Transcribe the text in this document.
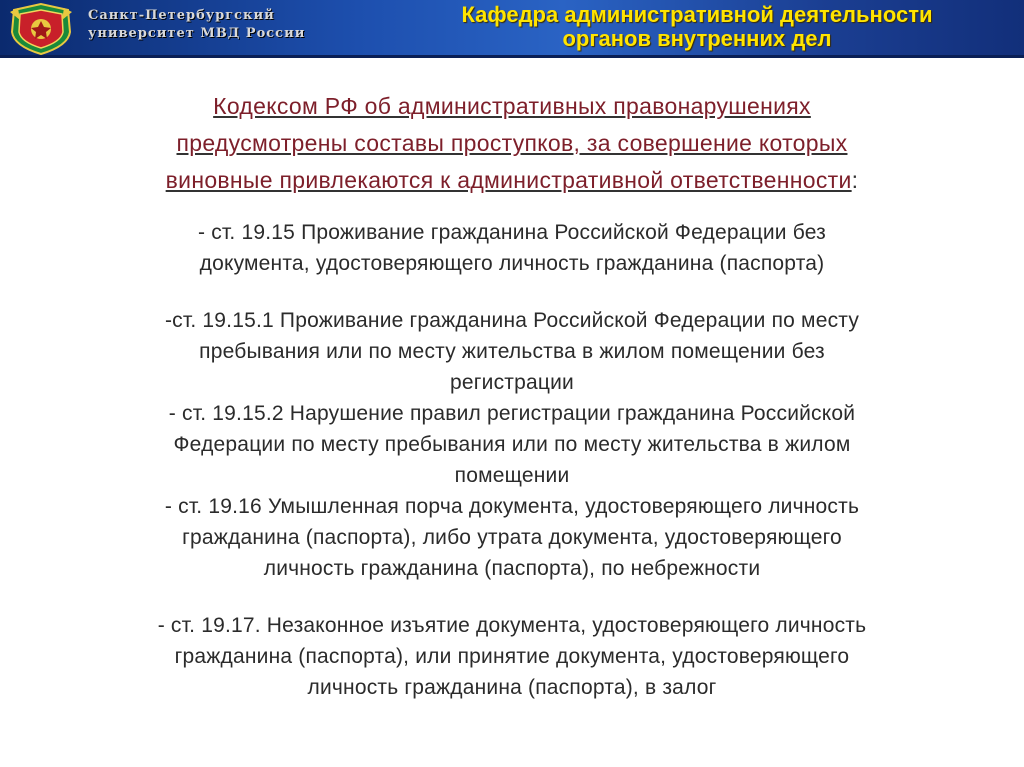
Санкт-Петербургский
университет МВД России
Кафедра административной деятельности
органов внутренних дел
Кодексом РФ об административных правонарушениях
предусмотрены составы проступков, за совершение которых
виновные привлекаются к административной ответственности:
- ст. 19.15 Проживание гражданина Российской Федерации без
документа, удостоверяющего личность гражданина (паспорта)
-ст. 19.15.1 Проживание гражданина Российской Федерации по месту
пребывания или по месту жительства в жилом помещении без
регистрации
- ст. 19.15.2 Нарушение правил регистрации гражданина Российской
Федерации по месту пребывания или по месту жительства в жилом
помещении
- ст. 19.16 Умышленная порча документа, удостоверяющего личность
гражданина (паспорта), либо утрата документа, удостоверяющего
личность гражданина (паспорта), по небрежности
- ст. 19.17. Незаконное изъятие документа, удостоверяющего личность
гражданина (паспорта), или принятие документа, удостоверяющего
личность гражданина (паспорта), в залог
